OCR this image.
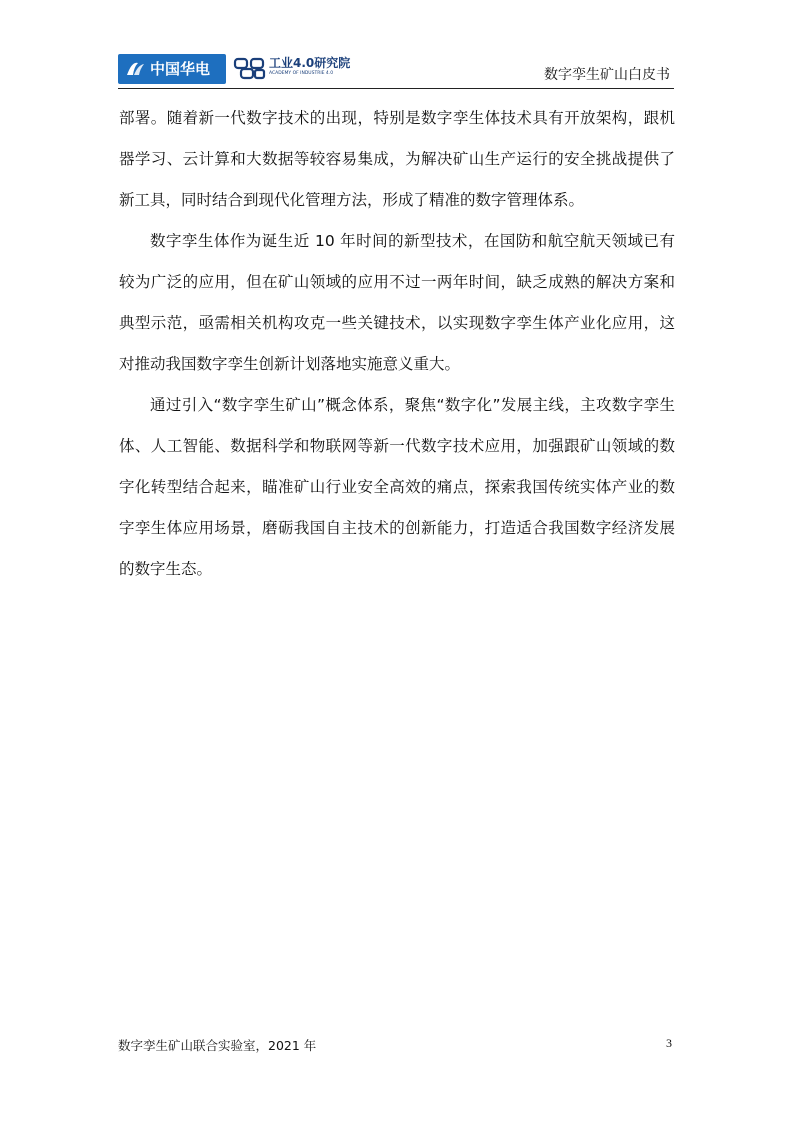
中国华电	工业4.0研究院
ACADEMY OF INDUSTRIE 4.0	数字孪生矿山白皮书

部署。随着新一代数字技术的出现，特别是数字孪生体技术具有开放架构，跟机器学习、云计算和大数据等较容易集成，为解决矿山生产运行的安全挑战提供了新工具，同时结合到现代化管理方法，形成了精准的数字管理体系。

数字孪生体作为诞生近 10 年时间的新型技术，在国防和航空航天领域已有较为广泛的应用，但在矿山领域的应用不过一两年时间，缺乏成熟的解决方案和典型示范，亟需相关机构攻克一些关键技术，以实现数字孪生体产业化应用，这对推动我国数字孪生创新计划落地实施意义重大。

通过引入“数字孪生矿山”概念体系，聚焦“数字化”发展主线，主攻数字孪生体、人工智能、数据科学和物联网等新一代数字技术应用，加强跟矿山领域的数字化转型结合起来，瞄准矿山行业安全高效的痛点，探索我国传统实体产业的数字孪生体应用场景，磨砺我国自主技术的创新能力，打造适合我国数字经济发展的数字生态。

数字孪生矿山联合实验室，2021 年	3
